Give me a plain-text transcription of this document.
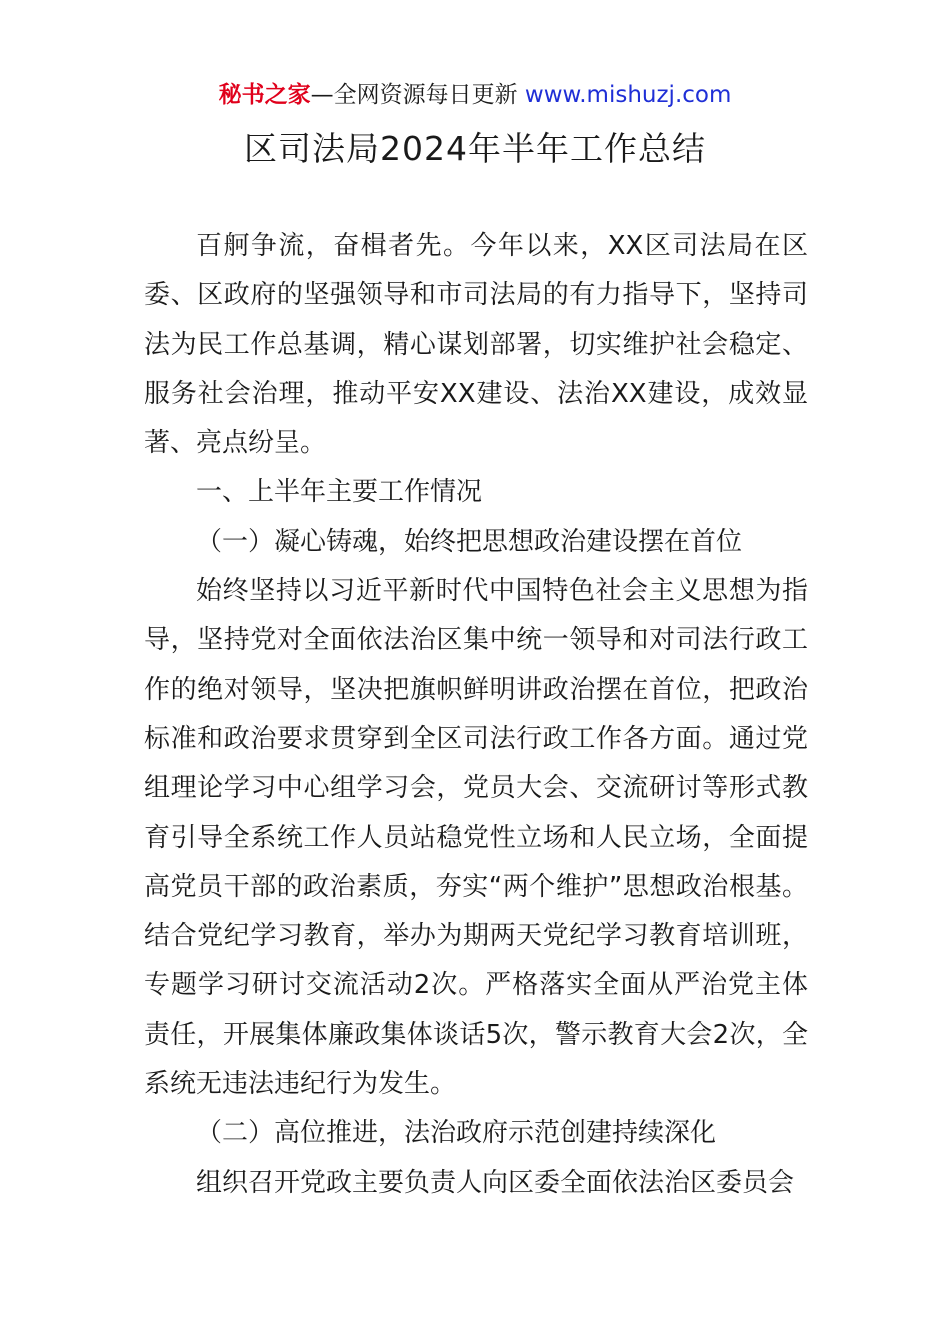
秘书之家—全网资源每日更新 www.mishuzj.com
区司法局2024年半年工作总结

百舸争流，奋楫者先。今年以来，XX区司法局在区委、区政府的坚强领导和市司法局的有力指导下，坚持司法为民工作总基调，精心谋划部署，切实维护社会稳定、服务社会治理，推动平安XX建设、法治XX建设，成效显著、亮点纷呈。

一、上半年主要工作情况

（一）凝心铸魂，始终把思想政治建设摆在首位

始终坚持以习近平新时代中国特色社会主义思想为指导，坚持党对全面依法治区集中统一领导和对司法行政工作的绝对领导，坚决把旗帜鲜明讲政治摆在首位，把政治标准和政治要求贯穿到全区司法行政工作各方面。通过党组理论学习中心组学习会，党员大会、交流研讨等形式教育引导全系统工作人员站稳党性立场和人民立场，全面提高党员干部的政治素质，夯实“两个维护”思想政治根基。结合党纪学习教育，举办为期两天党纪学习教育培训班，专题学习研讨交流活动2次。严格落实全面从严治党主体责任，开展集体廉政集体谈话5次，警示教育大会2次，全系统无违法违纪行为发生。

（二）高位推进，法治政府示范创建持续深化

组织召开党政主要负责人向区委全面依法治区委员会
